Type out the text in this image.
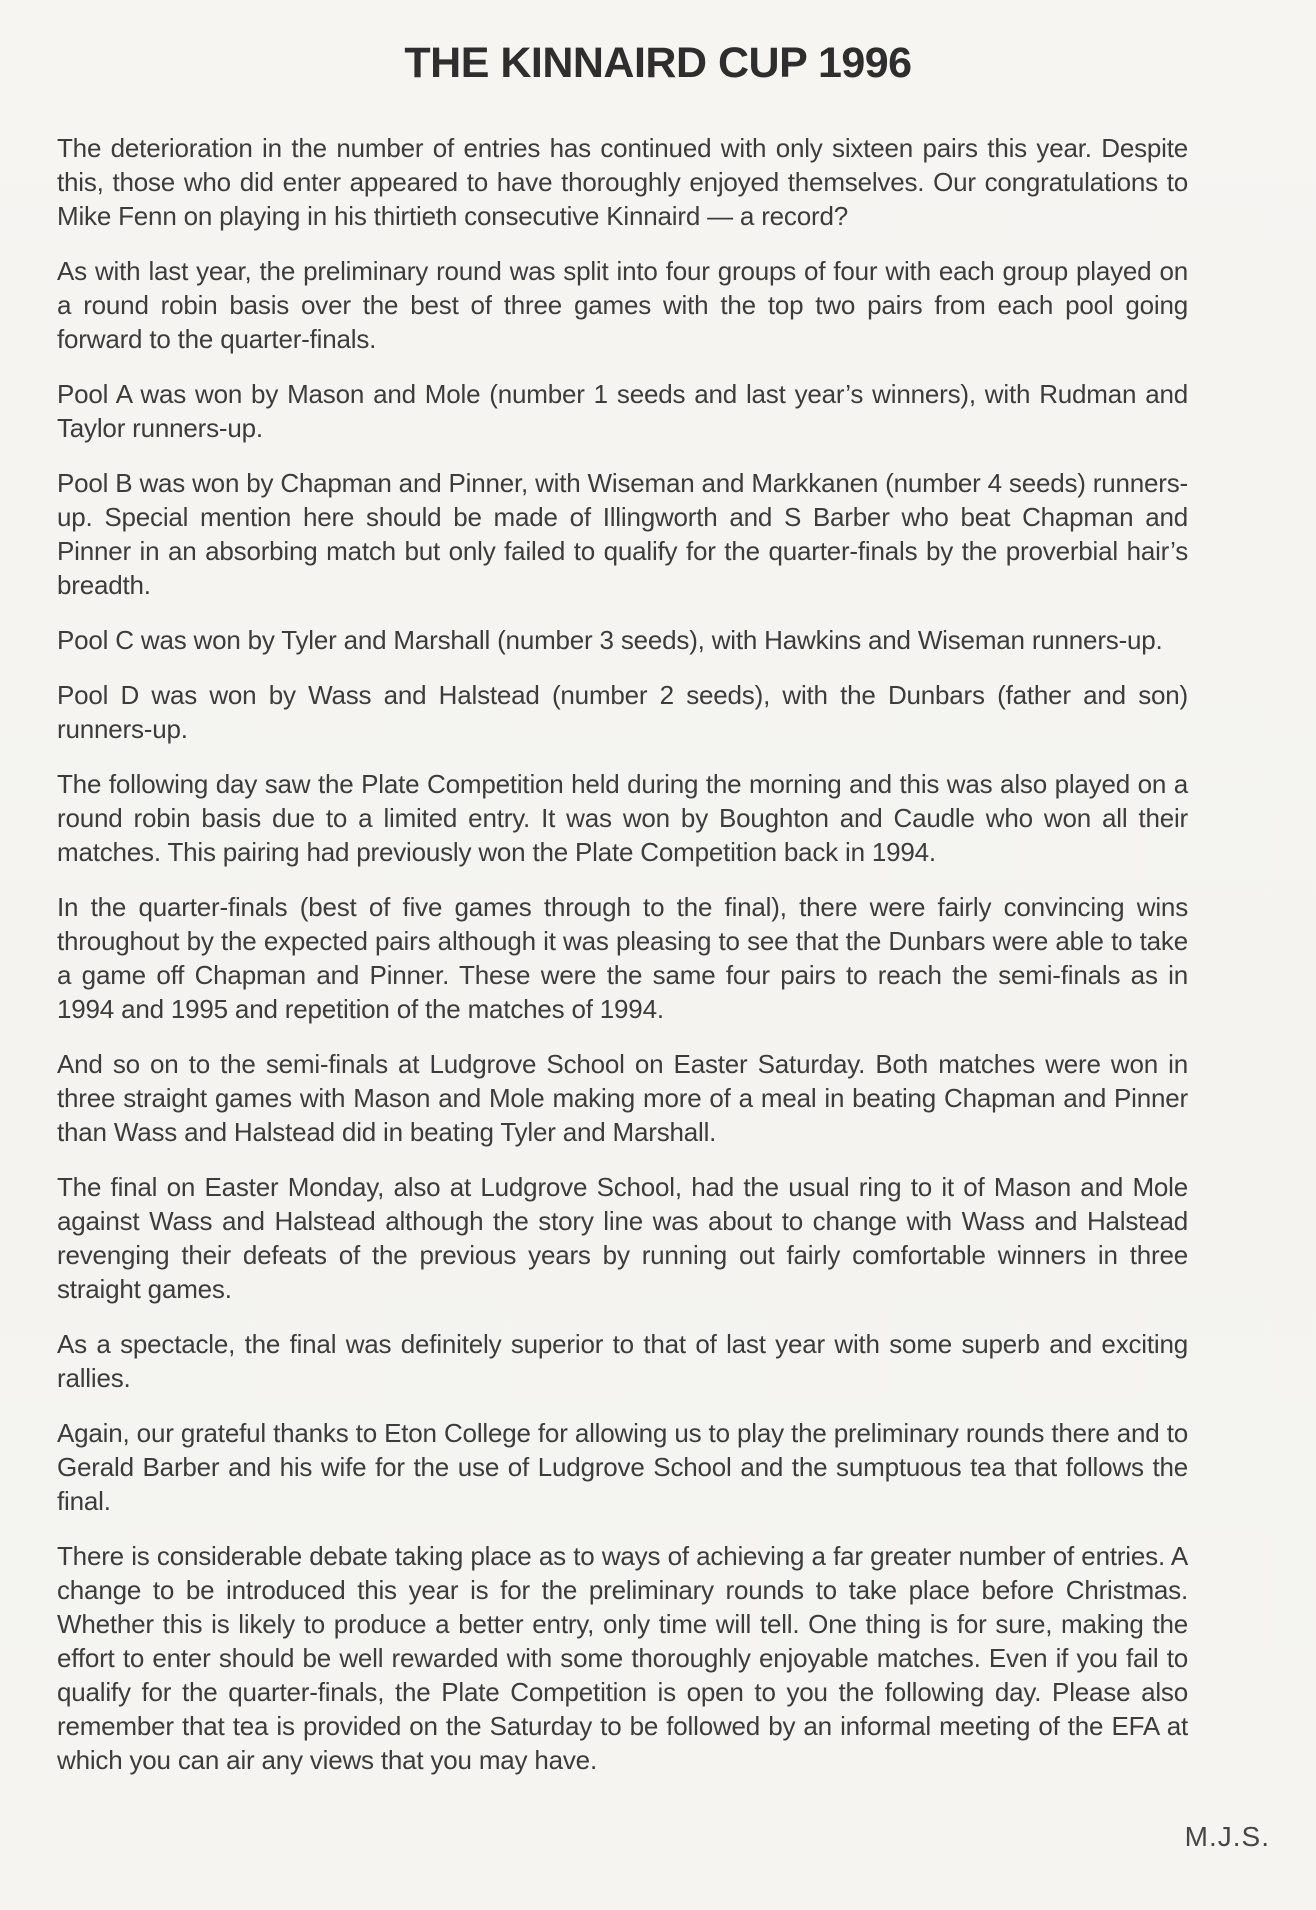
THE KINNAIRD CUP 1996

The deterioration in the number of entries has continued with only sixteen pairs this year. Despite this, those who did enter appeared to have thoroughly enjoyed themselves. Our congratulations to Mike Fenn on playing in his thirtieth consecutive Kinnaird — a record?

As with last year, the preliminary round was split into four groups of four with each group played on a round robin basis over the best of three games with the top two pairs from each pool going forward to the quarter-finals.

Pool A was won by Mason and Mole (number 1 seeds and last year’s winners), with Rudman and Taylor runners-up.

Pool B was won by Chapman and Pinner, with Wiseman and Markkanen (number 4 seeds) runners-up. Special mention here should be made of Illingworth and S Barber who beat Chapman and Pinner in an absorbing match but only failed to qualify for the quarter-finals by the proverbial hair’s breadth.

Pool C was won by Tyler and Marshall (number 3 seeds), with Hawkins and Wiseman runners-up.

Pool D was won by Wass and Halstead (number 2 seeds), with the Dunbars (father and son) runners-up.

The following day saw the Plate Competition held during the morning and this was also played on a round robin basis due to a limited entry. It was won by Boughton and Caudle who won all their matches. This pairing had previously won the Plate Competition back in 1994.

In the quarter-finals (best of five games through to the final), there were fairly convincing wins throughout by the expected pairs although it was pleasing to see that the Dunbars were able to take a game off Chapman and Pinner. These were the same four pairs to reach the semi-finals as in 1994 and 1995 and repetition of the matches of 1994.

And so on to the semi-finals at Ludgrove School on Easter Saturday. Both matches were won in three straight games with Mason and Mole making more of a meal in beating Chapman and Pinner than Wass and Halstead did in beating Tyler and Marshall.

The final on Easter Monday, also at Ludgrove School, had the usual ring to it of Mason and Mole against Wass and Halstead although the story line was about to change with Wass and Halstead revenging their defeats of the previous years by running out fairly comfortable winners in three straight games.

As a spectacle, the final was definitely superior to that of last year with some superb and exciting rallies.

Again, our grateful thanks to Eton College for allowing us to play the preliminary rounds there and to Gerald Barber and his wife for the use of Ludgrove School and the sumptuous tea that follows the final.

There is considerable debate taking place as to ways of achieving a far greater number of entries. A change to be introduced this year is for the preliminary rounds to take place before Christmas. Whether this is likely to produce a better entry, only time will tell. One thing is for sure, making the effort to enter should be well rewarded with some thoroughly enjoyable matches. Even if you fail to qualify for the quarter-finals, the Plate Competition is open to you the following day. Please also remember that tea is provided on the Saturday to be followed by an informal meeting of the EFA at which you can air any views that you may have.

M.J.S.
